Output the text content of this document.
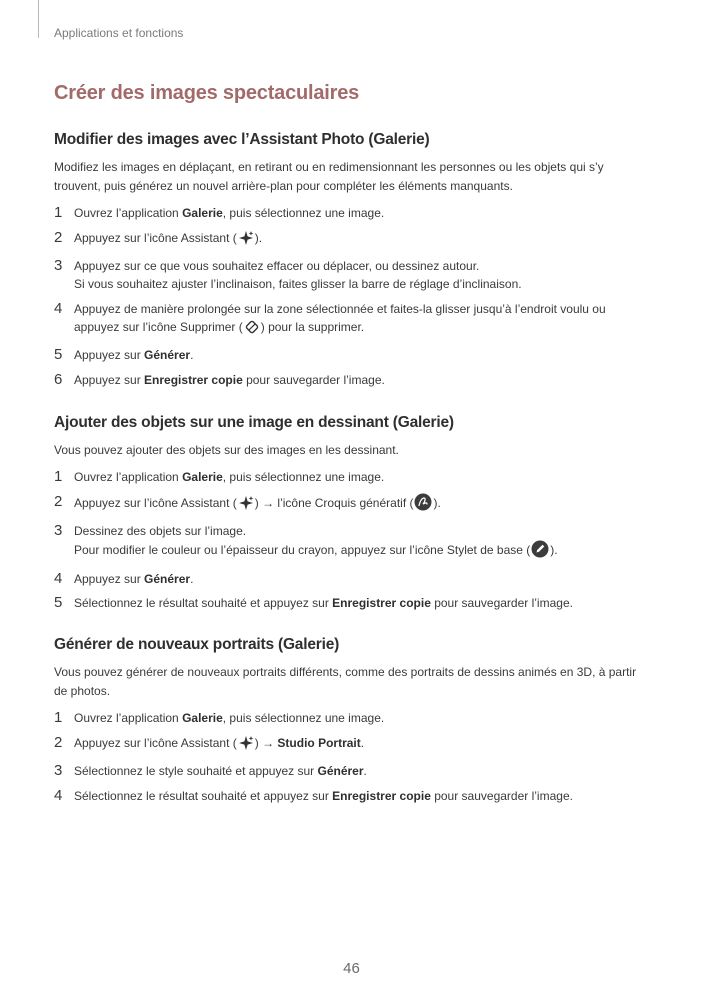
Applications et fonctions
Créer des images spectaculaires
Modifier des images avec l’Assistant Photo (Galerie)

Modifiez les images en déplaçant, en retirant ou en redimensionnant les personnes ou les objets qui s’y trouvent, puis générez un nouvel arrière-plan pour compléter les éléments manquants.

1 Ouvrez l’application Galerie, puis sélectionnez une image.
2 Appuyez sur l’icône Assistant ( ).
3 Appuyez sur ce que vous souhaitez effacer ou déplacer, ou dessinez autour.
Si vous souhaitez ajuster l’inclinaison, faites glisser la barre de réglage d’inclinaison.
4 Appuyez de manière prolongée sur la zone sélectionnée et faites-la glisser jusqu’à l’endroit voulu ou appuyez sur l’icône Supprimer ( ) pour la supprimer.
5 Appuyez sur Générer.
6 Appuyez sur Enregistrer copie pour sauvegarder l’image.
Ajouter des objets sur une image en dessinant (Galerie)

Vous pouvez ajouter des objets sur des images en les dessinant.

1 Ouvrez l’application Galerie, puis sélectionnez une image.
2 Appuyez sur l’icône Assistant ( ) → l’icône Croquis génératif ( ).
3 Dessinez des objets sur l’image.
Pour modifier le couleur ou l’épaisseur du crayon, appuyez sur l’icône Stylet de base ( ).
4 Appuyez sur Générer.
5 Sélectionnez le résultat souhaité et appuyez sur Enregistrer copie pour sauvegarder l’image.
Générer de nouveaux portraits (Galerie)

Vous pouvez générer de nouveaux portraits différents, comme des portraits de dessins animés en 3D, à partir de photos.

1 Ouvrez l’application Galerie, puis sélectionnez une image.
2 Appuyez sur l’icône Assistant ( ) → Studio Portrait.
3 Sélectionnez le style souhaité et appuyez sur Générer.
4 Sélectionnez le résultat souhaité et appuyez sur Enregistrer copie pour sauvegarder l’image.
46
